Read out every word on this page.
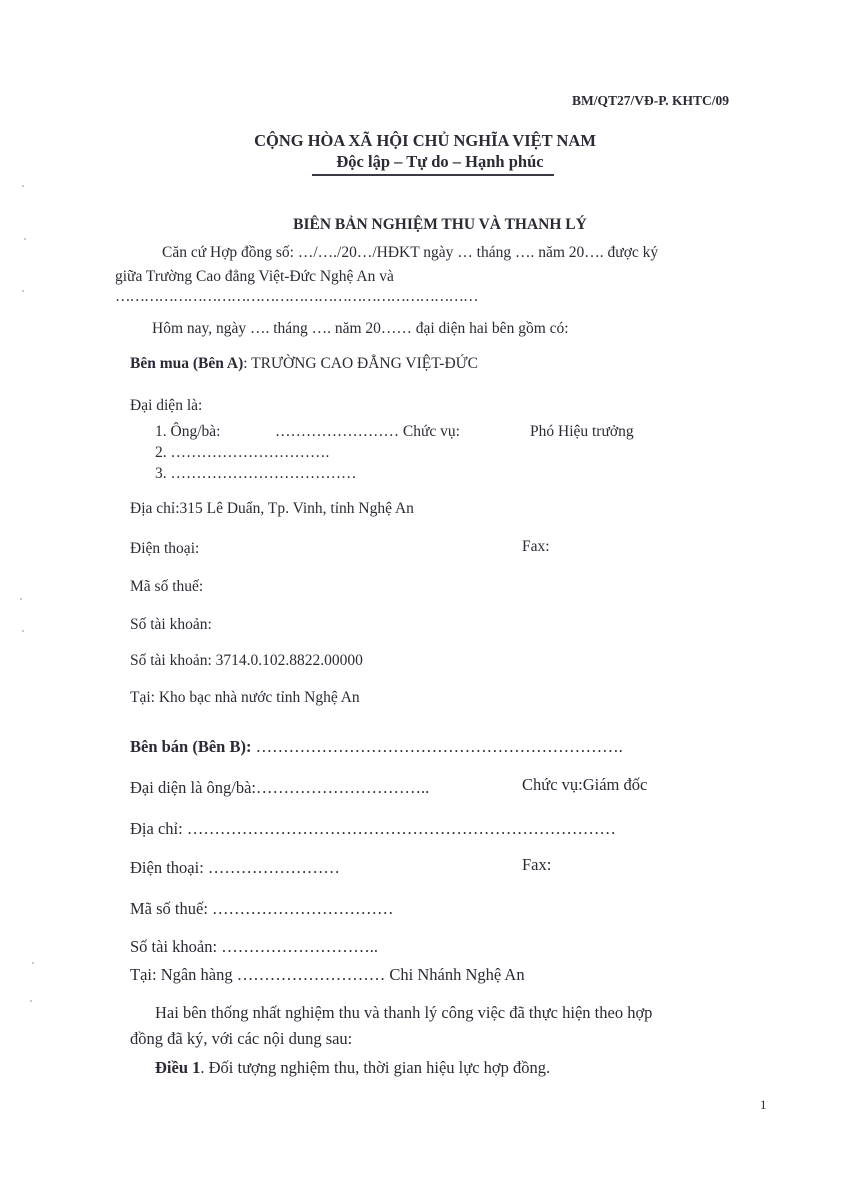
BM/QT27/VĐ-P. KHTC/09
CỘNG HÒA XÃ HỘI CHỦ NGHĨA VIỆT NAM
Độc lập – Tự do – Hạnh phúc
BIÊN BẢN NGHIỆM THU VÀ THANH LÝ
Căn cứ Hợp đồng số: …/…./20…/HĐKT ngày … tháng …. năm 20…. được ký
giữa Trường Cao đẳng Việt-Đức Nghệ An và
…………………………………………………………………
Hôm nay, ngày …. tháng …. năm 20…… đại diện hai bên gồm có:
Bên mua (Bên A): TRƯỜNG CAO ĐẲNG VIỆT-ĐỨC
Đại diện là:
1. Ông/bà:	…………………… Chức vụ:	Phó Hiệu trưởng
2. ………………………….
3. ………………………………
Địa chỉ:315 Lê Duẩn, Tp. Vinh, tỉnh Nghệ An
Điện thoại:	Fax:
Mã số thuế:
Số tài khoản:
Số tài khoản: 3714.0.102.8822.00000
Tại: Kho bạc nhà nước tỉnh Nghệ An
Bên bán (Bên B): ………………………………………………………….
Đại diện là ông/bà:…………………………..	Chức vụ:Giám đốc
Địa chỉ: ……………………………………………………………………
Điện thoại: ……………………	Fax:
Mã số thuế: ……………………………
Số tài khoản: ………………………..
Tại: Ngân hàng ……………………… Chi Nhánh Nghệ An
Hai bên thống nhất nghiệm thu và thanh lý công việc đã thực hiện theo hợp
đồng đã ký, với các nội dung sau:
Điều 1. Đối tượng nghiệm thu, thời gian hiệu lực hợp đồng.
1
